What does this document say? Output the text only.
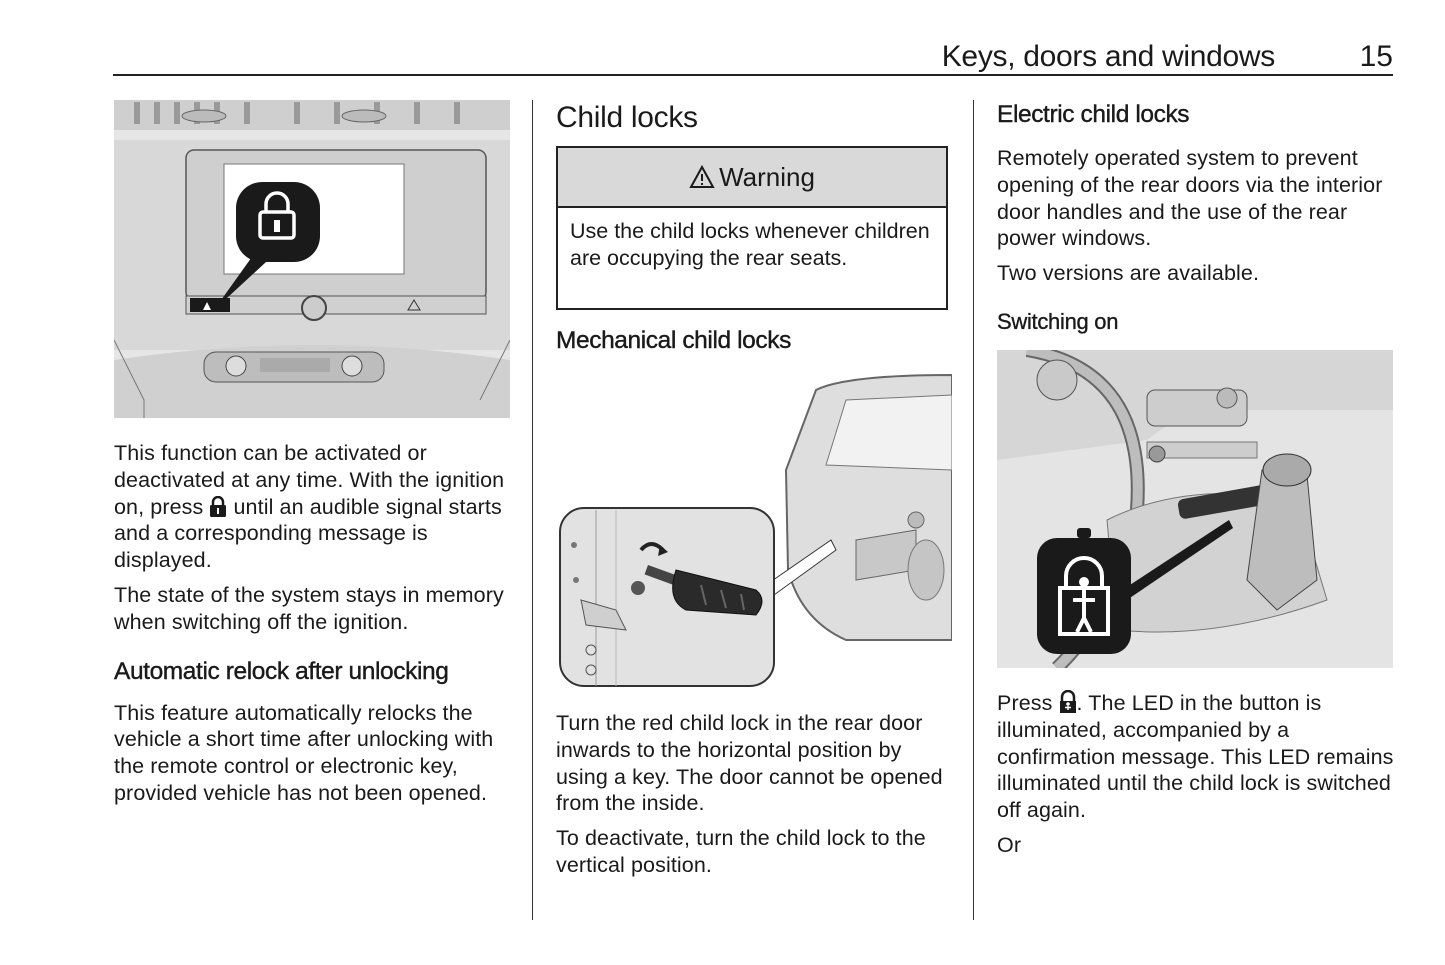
Keys, doors and windows	15

This function can be activated or deactivated at any time. With the ignition on, press until an audible signal starts and a corresponding message is displayed.

The state of the system stays in memory when switching off the ignition.

Automatic relock after unlocking

This feature automatically relocks the vehicle a short time after unlocking with the remote control or electronic key, provided vehicle has not been opened.

Child locks
Warning
Use the child locks whenever children are occupying the rear seats.
Mechanical child locks

Turn the red child lock in the rear door inwards to the horizontal position by using a key. The door cannot be opened from the inside.

To deactivate, turn the child lock to the vertical position.

Electric child locks

Remotely operated system to prevent opening of the rear doors via the interior door handles and the use of the rear power windows.

Two versions are available.

Switching on

Press . The LED in the button is illuminated, accompanied by a confirmation message. This LED remains illuminated until the child lock is switched off again.

Or
